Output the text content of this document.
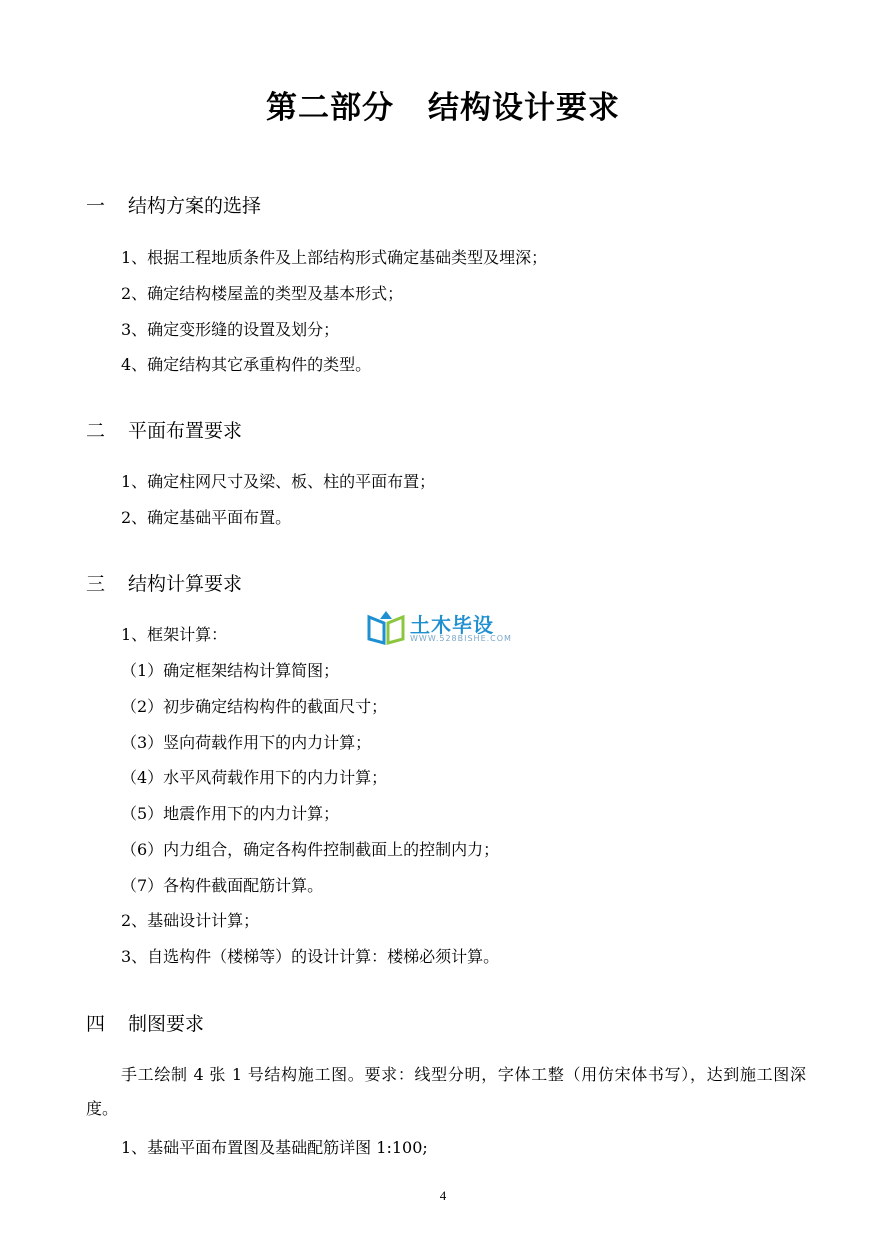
第二部分 结构设计要求
一 结构方案的选择
1、根据工程地质条件及上部结构形式确定基础类型及埋深；
2、确定结构楼屋盖的类型及基本形式；
3、确定变形缝的设置及划分；
4、确定结构其它承重构件的类型。
二 平面布置要求
1、确定柱网尺寸及梁、板、柱的平面布置；
2、确定基础平面布置。
三 结构计算要求
1、框架计算：
（1）确定框架结构计算简图；
（2）初步确定结构构件的截面尺寸；
（3）竖向荷载作用下的内力计算；
（4）水平风荷载作用下的内力计算；
（5）地震作用下的内力计算；
（6）内力组合，确定各构件控制截面上的控制内力；
（7）各构件截面配筋计算。
2、基础设计计算；
3、自选构件（楼梯等）的设计计算：楼梯必须计算。
四 制图要求
手工绘制 4 张 1 号结构施工图。要求：线型分明，字体工整（用仿宋体书写），达到施工图深度。
1、基础平面布置图及基础配筋详图 1:100;
土木毕设
WWW.528BISHE.COM
4
